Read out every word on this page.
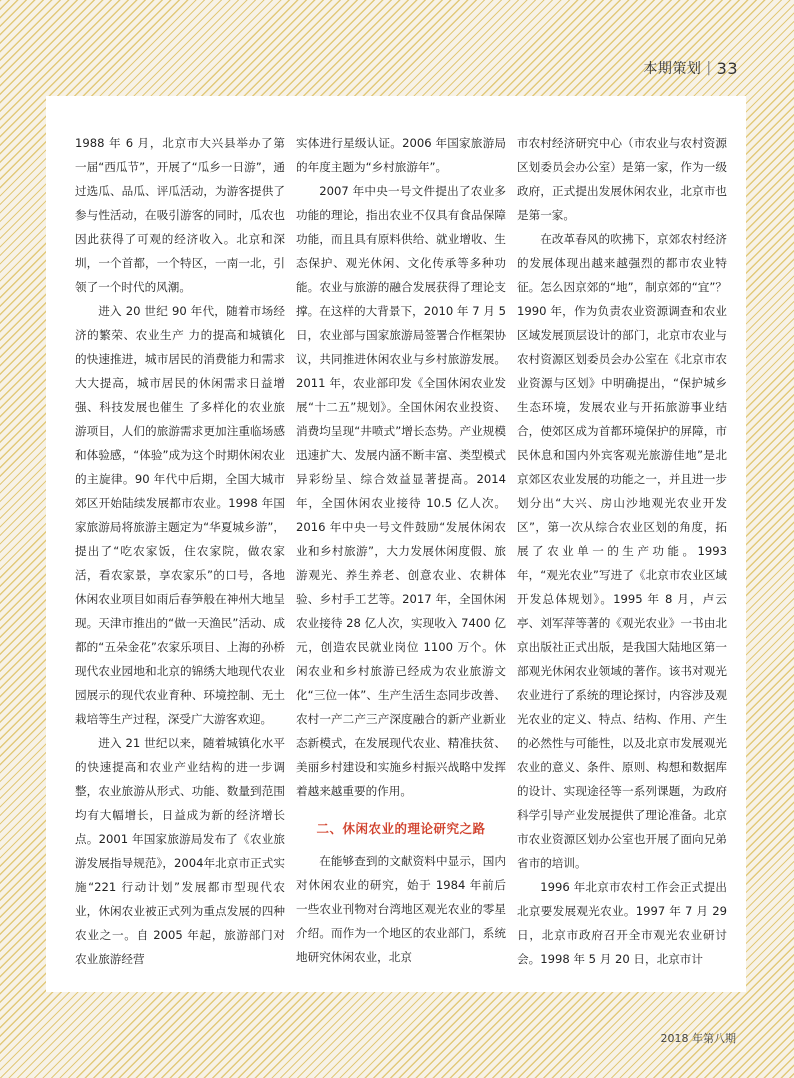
本期策划 | 33

1988 年 6 月，北京市大兴县举办了第一届“西瓜节”，开展了“瓜乡一日游”，通过选瓜、品瓜、评瓜活动，为游客提供了参与性活动，在吸引游客的同时，瓜农也因此获得了可观的经济收入。北京和深圳，一个首都，一个特区，一南一北，引领了一个时代的风潮。

进入 20 世纪 90 年代，随着市场经济的繁荣、农业生产 力的提高和城镇化的快速推进，城市居民的消费能力和需求 大大提高，城市居民的休闲需求日益增强、科技发展也催生 了多样化的农业旅游项目，人们的旅游需求更加注重临场感 和体验感，“体验”成为这个时期休闲农业的主旋律。90 年代中后期，全国大城市郊区开始陆续发展都市农业。1998 年国家旅游局将旅游主题定为“华夏城乡游”，提出了“吃农家饭，住农家院，做农家活，看农家景，享农家乐”的口号，各地休闲农业项目如雨后春笋般在神州大地呈现。天津市推出的“做一天渔民”活动、成都的“五朵金花”农家乐项目、上海的孙桥现代农业园地和北京的锦绣大地现代农业园展示的现代农业育种、环境控制、无土栽培等生产过程，深受广大游客欢迎。

进入 21 世纪以来，随着城镇化水平的快速提高和农业产业结构的进一步调整，农业旅游从形式、功能、数量到范围均有大幅增长，日益成为新的经济增长点。2001 年国家旅游局发布了《农业旅游发展指导规范》，2004年北京市正式实施“221 行动计划”发展都市型现代农业，休闲农业被正式列为重点发展的四种农业之一。自 2005 年起，旅游部门对农业旅游经营

实体进行星级认证。2006 年国家旅游局的年度主题为“乡村旅游年”。

2007 年中央一号文件提出了农业多功能的理论，指出农业不仅具有食品保障功能，而且具有原料供给、就业增收、生态保护、观光休闲、文化传承等多种功能。农业与旅游的融合发展获得了理论支撑。在这样的大背景下，2010 年 7 月 5 日，农业部与国家旅游局签署合作框架协议，共同推进休闲农业与乡村旅游发展。2011 年，农业部印发《全国休闲农业发展“十二五”规划》。全国休闲农业投资、消费均呈现“井喷式”增长态势。产业规模迅速扩大、发展内涵不断丰富、类型模式异彩纷呈、综合效益显著提高。2014 年，全国休闲农业接待 10.5 亿人次。2016 年中央一号文件鼓励“发展休闲农业和乡村旅游”，大力发展休闲度假、旅游观光、养生养老、创意农业、农耕体验、乡村手工艺等。2017 年，全国休闲农业接待 28 亿人次，实现收入 7400 亿元，创造农民就业岗位 1100 万个。休闲农业和乡村旅游已经成为农业旅游文化“三位一体”、生产生活生态同步改善、农村一产二产三产深度融合的新产业新业态新模式，在发展现代农业、精准扶贫、美丽乡村建设和实施乡村振兴战略中发挥着越来越重要的作用。

二、休闲农业的理论研究之路

在能够查到的文献资料中显示，国内对休闲农业的研究，始于 1984 年前后一些农业刊物对台湾地区观光农业的零星介绍。而作为一个地区的农业部门，系统地研究休闲农业，北京

市农村经济研究中心（市农业与农村资源区划委员会办公室）是第一家，作为一级政府，正式提出发展休闲农业，北京市也是第一家。

在改革春风的吹拂下，京郊农村经济的发展体现出越来越强烈的都市农业特征。怎么因京郊的“地”，制京郊的“宜”？ 1990 年，作为负责农业资源调查和农业区域发展顶层设计的部门，北京市农业与农村资源区划委员会办公室在《北京市农业资源与区划》中明确提出，“保护城乡生态环境，发展农业与开拓旅游事业结合，使郊区成为首都环境保护的屏障，市民休息和国内外宾客观光旅游佳地”是北京郊区农业发展的功能之一，并且进一步划分出“大兴、房山沙地观光农业开发区”，第一次从综合农业区划的角度，拓展了农业单一的生产功能。1993 年，“观光农业”写进了《北京市农业区域开发总体规划》。1995 年 8 月，卢云亭、刘军萍等著的《观光农业》一书由北京出版社正式出版，是我国大陆地区第一部观光休闲农业领域的著作。该书对观光农业进行了系统的理论探讨，内容涉及观光农业的定义、特点、结构、作用、产生的必然性与可能性，以及北京市发展观光农业的意义、条件、原则、构想和数据库的设计、实现途径等一系列课题，为政府科学引导产业发展提供了理论准备。北京市农业资源区划办公室也开展了面向兄弟省市的培训。

1996 年北京市农村工作会正式提出北京要发展观光农业。1997 年 7 月 29 日，北京市政府召开全市观光农业研讨会。1998 年 5 月 20 日，北京市计

2018 年第八期
